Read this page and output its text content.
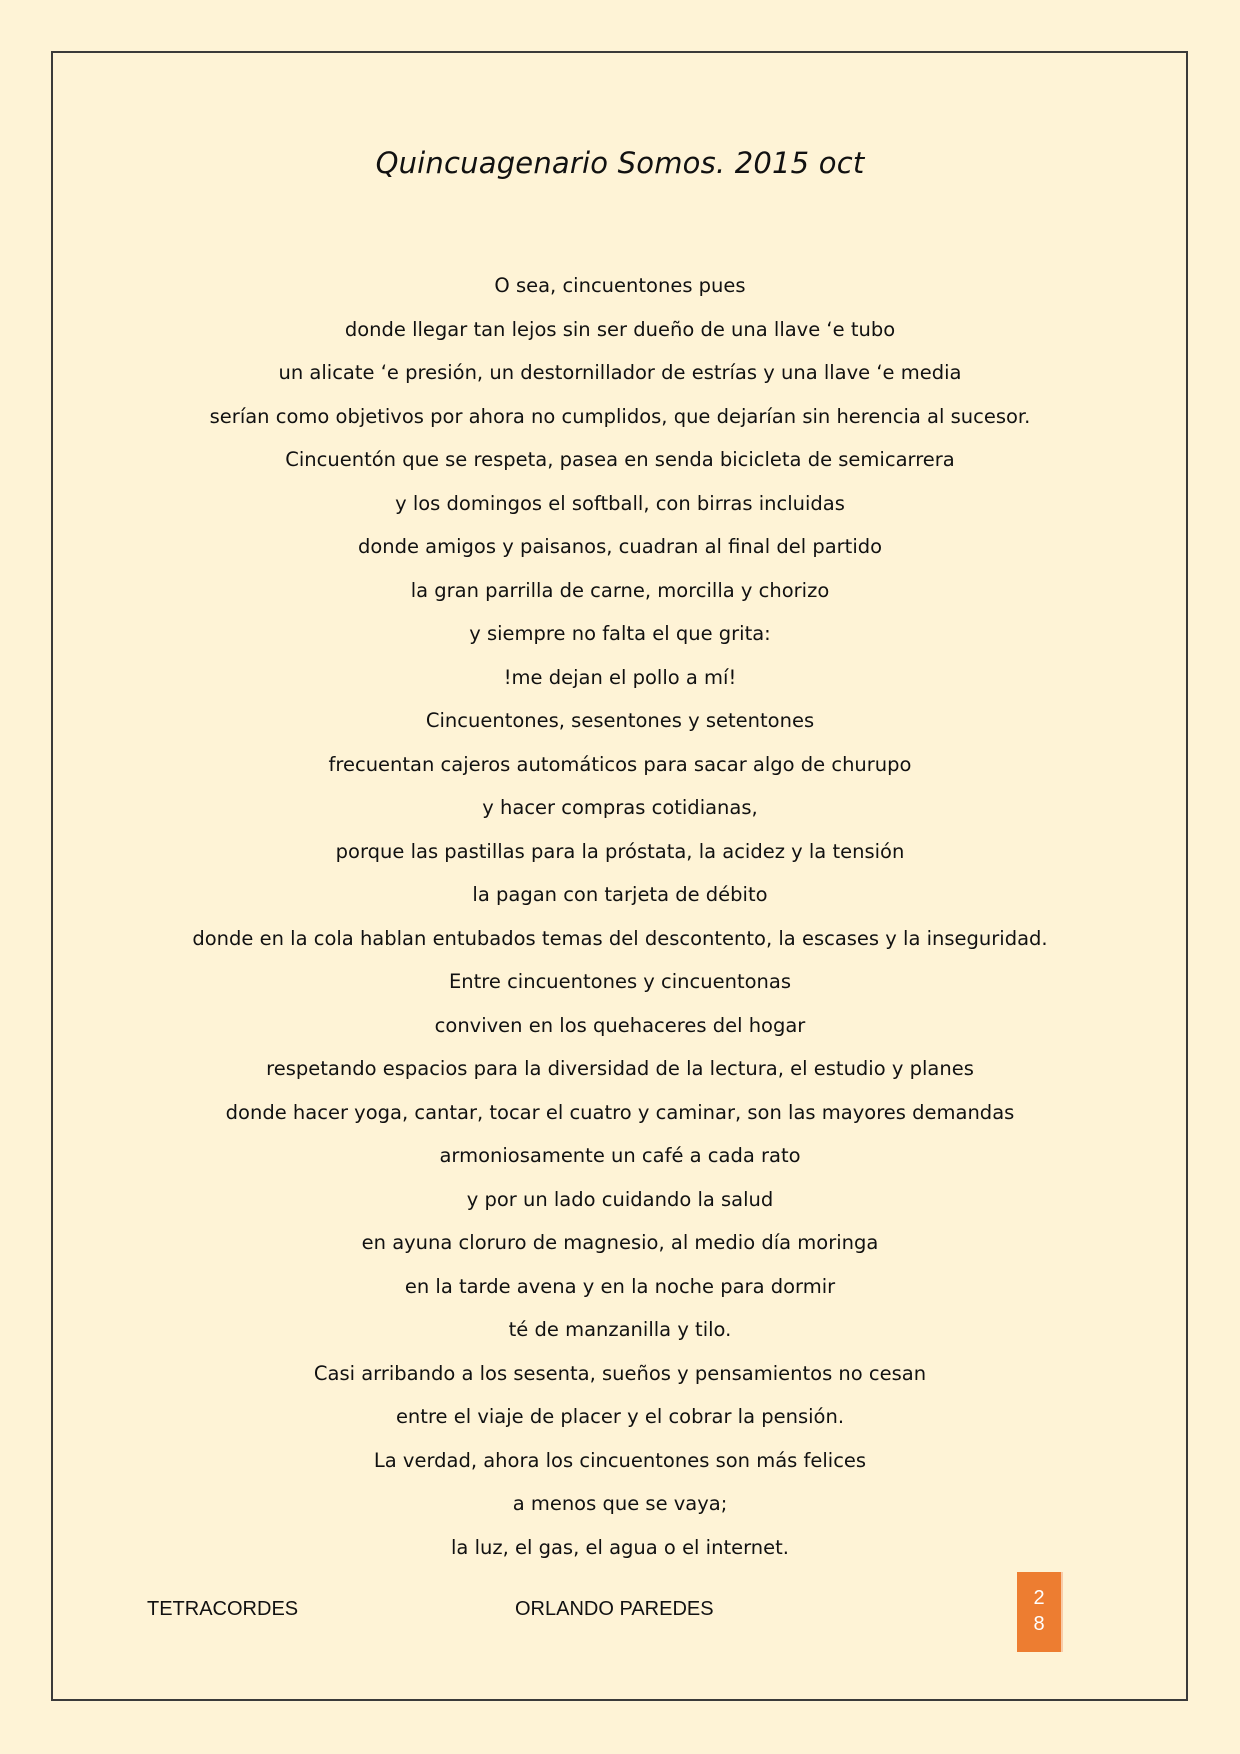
Quincuagenario Somos. 2015 oct
O sea, cincuentones pues
donde llegar tan lejos sin ser dueño de una llave ‘e tubo
un alicate ‘e presión, un destornillador de estrías y una llave ‘e media
serían como objetivos por ahora no cumplidos, que dejarían sin herencia al sucesor.
Cincuentón que se respeta, pasea en senda bicicleta de semicarrera
y los domingos el softball, con birras incluidas
donde amigos y paisanos, cuadran al final del partido
la gran parrilla de carne, morcilla y chorizo
y siempre no falta el que grita:
!me dejan el pollo a mí!
Cincuentones, sesentones y setentones
frecuentan cajeros automáticos para sacar algo de churupo
y hacer compras cotidianas,
porque las pastillas para la próstata, la acidez y la tensión
la pagan con tarjeta de débito
donde en la cola hablan entubados temas del descontento, la escases y la inseguridad.
Entre cincuentones y cincuentonas
conviven en los quehaceres del hogar
respetando espacios para la diversidad de la lectura, el estudio y planes
donde hacer yoga, cantar, tocar el cuatro y caminar, son las mayores demandas
armoniosamente un café a cada rato
y por un lado cuidando la salud
en ayuna cloruro de magnesio, al medio día moringa
en la tarde avena y en la noche para dormir
té de manzanilla y tilo.
Casi arribando a los sesenta, sueños y pensamientos no cesan
entre el viaje de placer y el cobrar la pensión.
La verdad, ahora los cincuentones son más felices
a menos que se vaya;
la luz, el gas, el agua o el internet.
TETRACORDES	ORLANDO PAREDES	2
8
